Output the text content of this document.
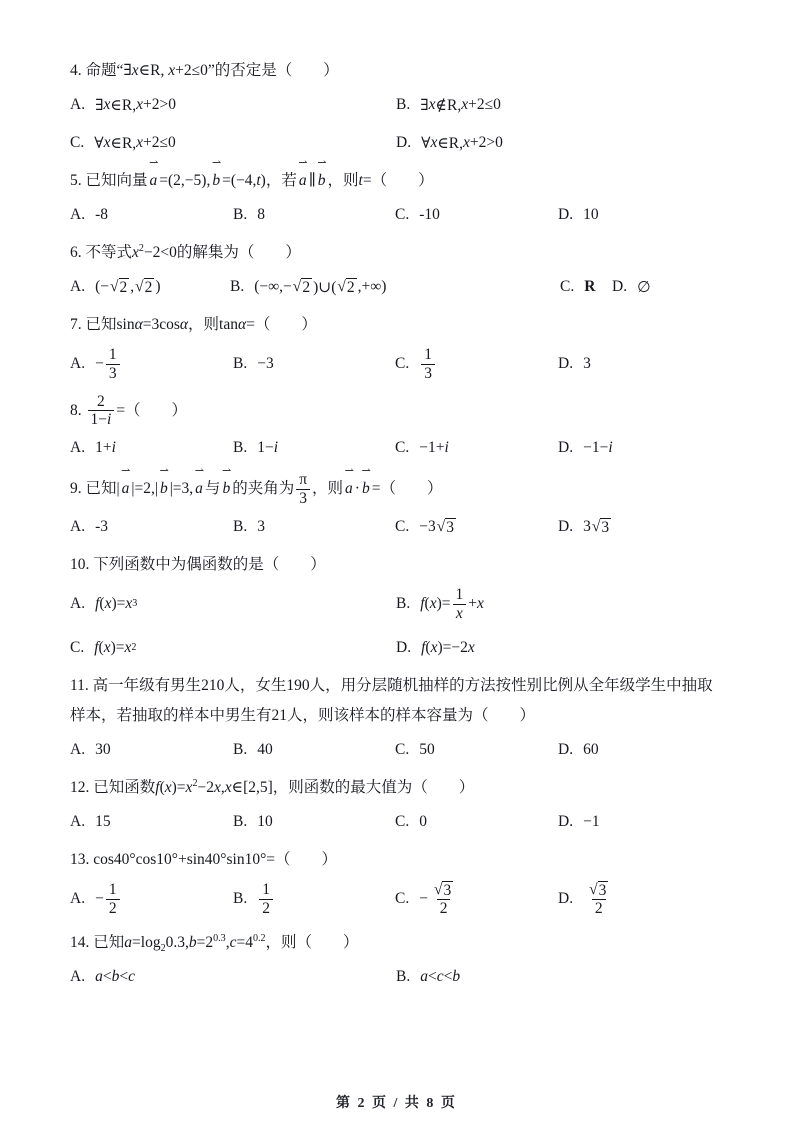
4. 命题“∃x∈R, x+2≤0”的否定是（　　）
A. ∃ x ∈R, x +2>0	B. ∃ x ∉R, x +2≤0
C. ∀ x ∈R, x +2≤0	D. ∀ x ∈R, x +2>0
5. 已知向量 a ⇀ =(2,−5), b ⇀ =(−4,t)，若 a ⇀ ∥ b ⇀ ，则t=（　　）
A. -8	B. 8	C. -10	D. 10
6. 不等式$x^2-2<0$的解集为（　　）
A. (− √ 2 , √ 2 )	B. (−∞,− √ 2 )∪( √ 2 ,+∞)	C. R D. ∅
7. 已知sinα=3cosα，则tanα=（　　）
A. − $\frac{1}{3}$	B. −3	C. $\frac{1}{3}$	D. 3
8. $\frac{2}{1-i}$ =（　　）
A. 1+ i	B. 1− i	C. −1+ i	D. −1− i
9. 已知| a ⇀ |=2,| b ⇀ |=3, a ⇀ 与 b ⇀ 的夹角为 $\frac{\pi}{3}$ ，则 a ⇀ · b ⇀ =（　　）
A. -3	B. 3	C. −3 √ 3	D. 3 √ 3
10. 下列函数中为偶函数的是（　　）
A. f ( x )= x 3	B. f ( x )= $\frac{1}{x} + x$
C. f ( x )= x 2	D. f ( x )=−2 x
11. 高一年级有男生210人，女生190人，用分层随机抽样的方法按性别比例从全年级学生中抽取样本，若抽取的样本中男生有21人，则该样本的样本容量为（　　）
A. 30	B. 40	C. 50	D. 60
12. 已知函数$f(x)=x^2-2x,x\in[2,5]$，则函数的最大值为（　　）
A. 15	B. 10	C. 0	D. −1
13. cos40°cos10°+sin40°sin10°=（　　）
A. − $\frac{1}{2}$	B. $\frac{1}{2}$	C. − $\frac{√ 3}{2}$	D. $\frac{√ 3}{2}$
14. 已知$a=\log_20.3,b=2^{0.3},c=4^{0.2}$，则（　　）
A. a < b < c	B. a < c < b
第 2 页 / 共 8 页
